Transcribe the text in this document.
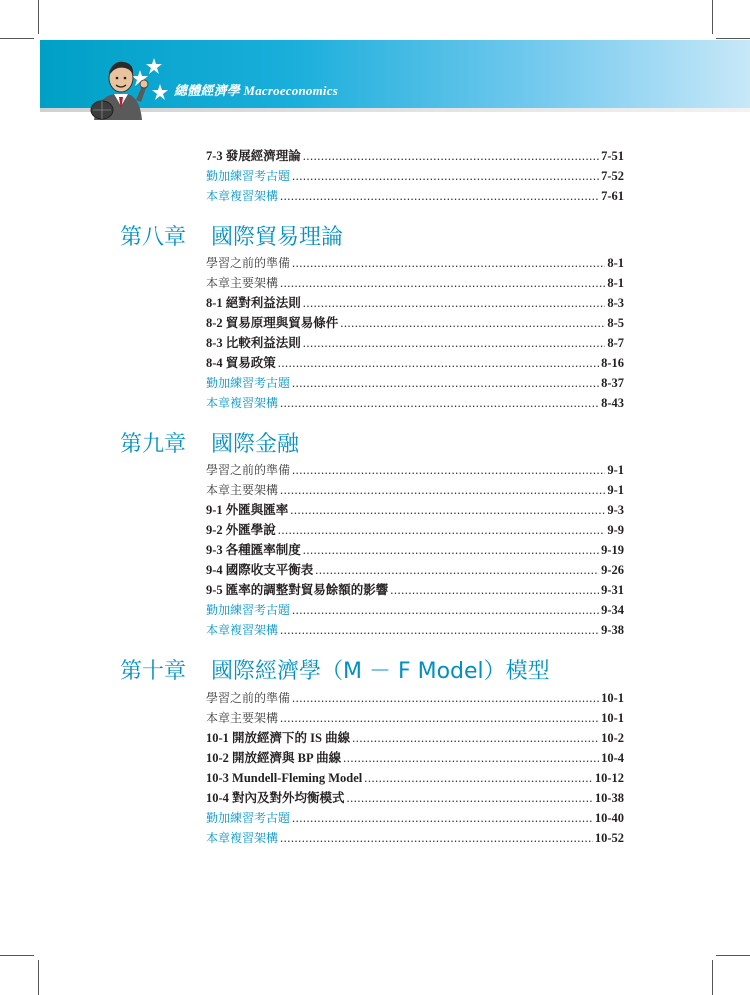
總體經濟學 Macroeconomics
7-3 發展經濟理論 .....	7-51
勤加練習考古題 .....	7-52
本章複習架構 .....	7-61
第八章 國際貿易理論
學習之前的準備 .....	8-1
本章主要架構 .....	8-1
8-1 絕對利益法則 .....	8-3
8-2 貿易原理與貿易條件 .....	8-5
8-3 比較利益法則 .....	8-7
8-4 貿易政策 .....	8-16
勤加練習考古題 .....	8-37
本章複習架構 .....	8-43
第九章 國際金融
學習之前的準備 .....	9-1
本章主要架構 .....	9-1
9-1 外匯與匯率 .....	9-3
9-2 外匯學說 .....	9-9
9-3 各種匯率制度 .....	9-19
9-4 國際收支平衡表 .....	9-26
9-5 匯率的調整對貿易餘額的影響 .....	9-31
勤加練習考古題 .....	9-34
本章複習架構 .....	9-38
第十章 國際經濟學（M － F Model）模型
學習之前的準備 .....	10-1
本章主要架構 .....	10-1
10-1 開放經濟下的 IS 曲線 .....	10-2
10-2 開放經濟與 BP 曲線 .....	10-4
10-3 Mundell-Fleming Model .....	10-12
10-4 對內及對外均衡模式 .....	10-38
勤加練習考古題 .....	10-40
本章複習架構 .....	10-52
